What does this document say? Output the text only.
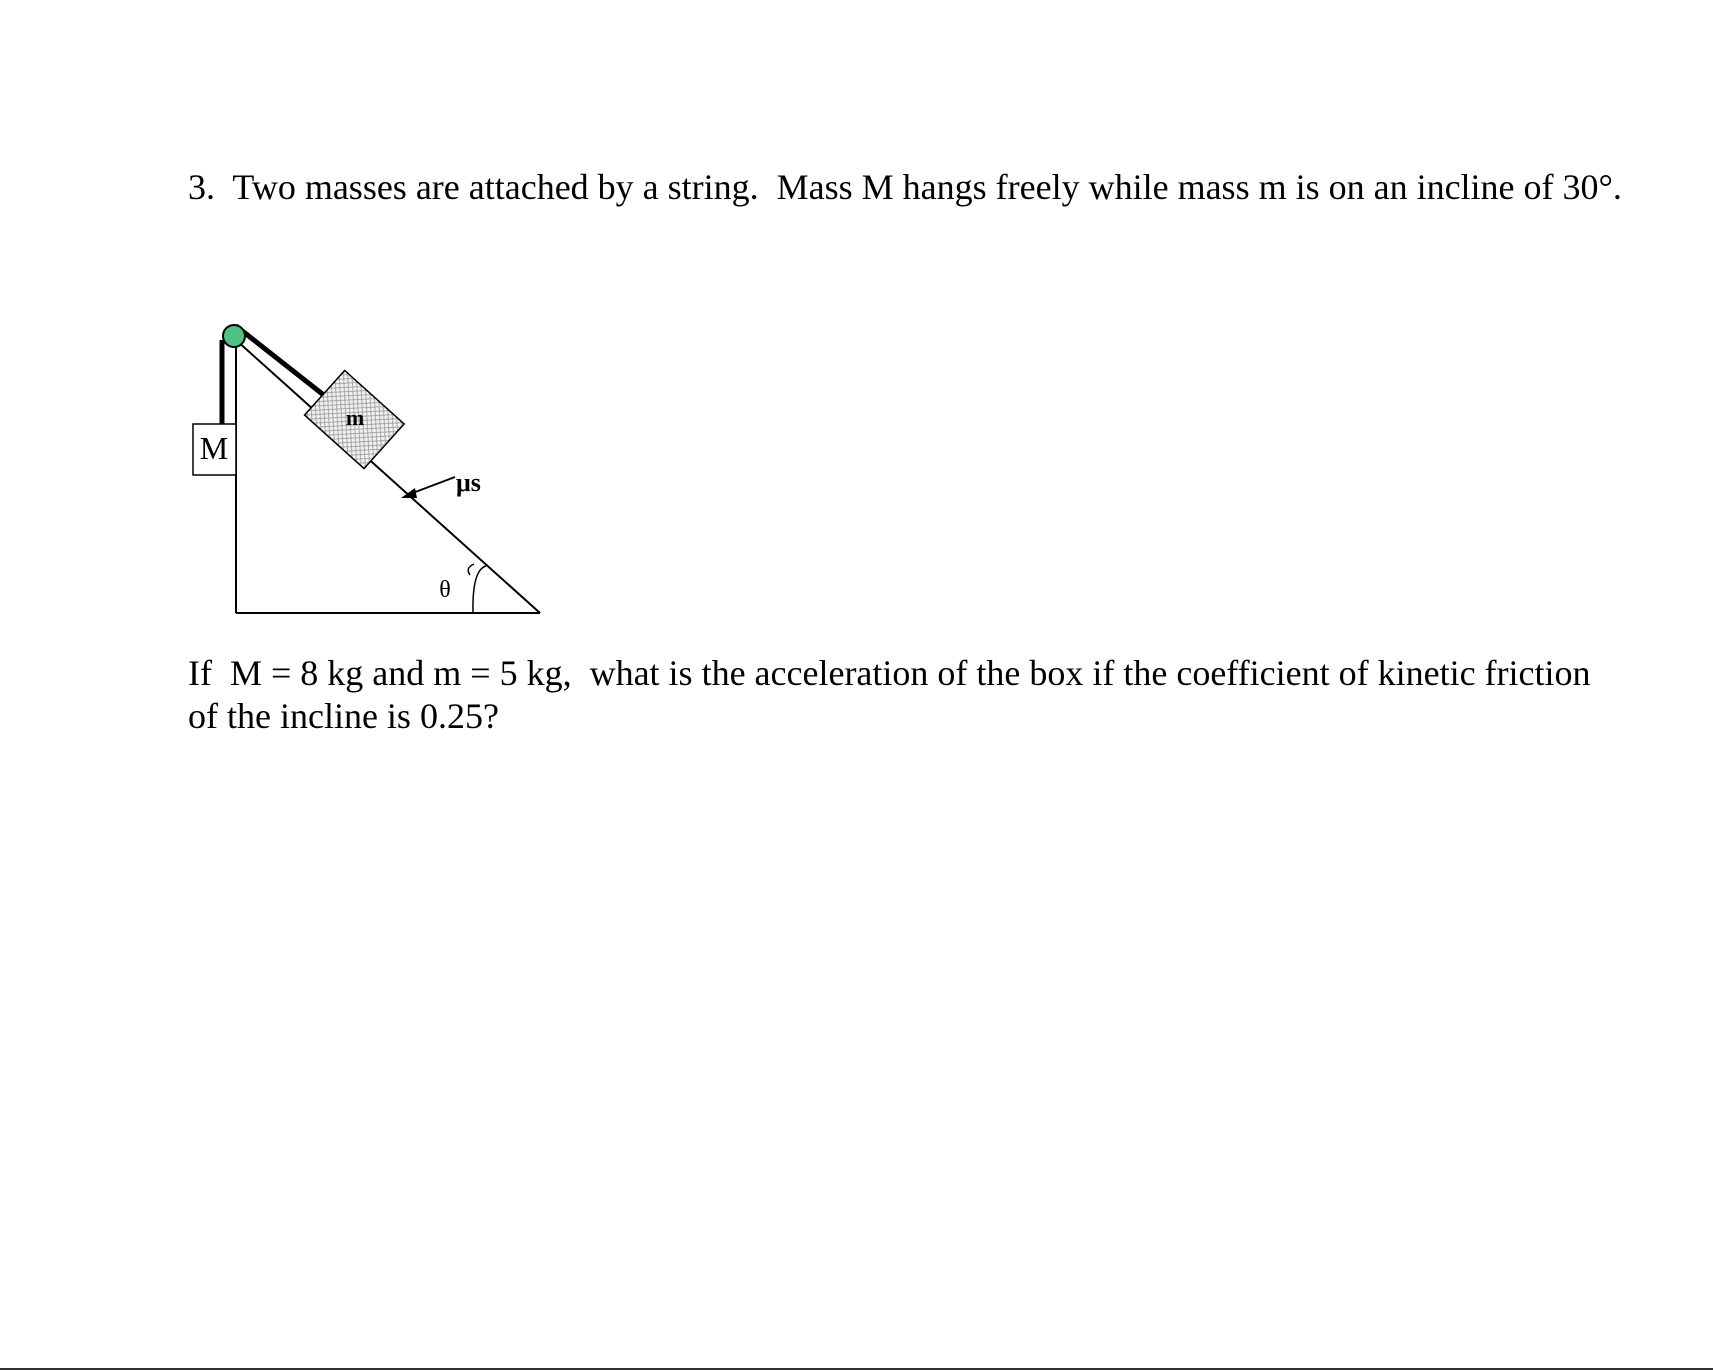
3.  Two masses are attached by a string.  Mass M hangs freely while mass m is on an incline of 30°.

M
m
μs
θ

If  M = 8 kg and m = 5 kg,  what is the acceleration of the box if the coefficient of kinetic friction of the incline is 0.25?
